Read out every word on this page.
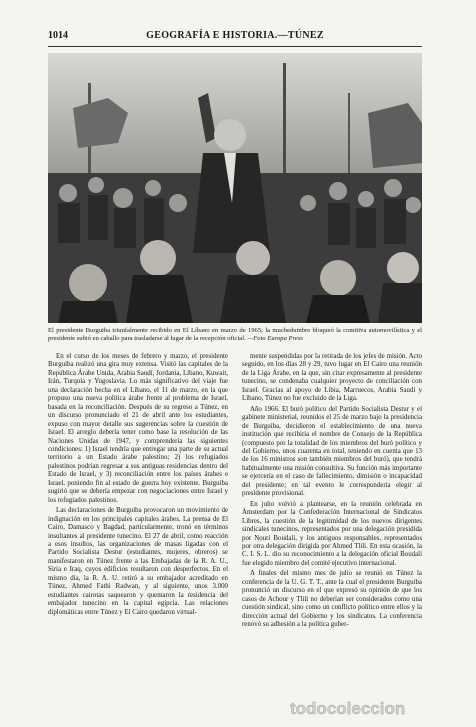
1014	GEOGRAFÍA E HISTORIA.—TÚNEZ
El presidente Burguiba triunfalmente recibido en El Líbano en marzo de 1965; la muchedumbre bloqueó la comitiva automovilística y el presidente subió en caballo para trasladarse al lugar de la recepción oficial. —Foto Europa Press

En el curso de los meses de febrero y marzo, el presidente Burguiba realizó una gira muy extensa. Visitó las capitales de la República Árabe Unida, Arabia Saudí, Jordania, Líbano, Kuwait, Irán, Turquía y Yugoslavia. Lo más significativo del viaje fue una declaración hecha en el Líbano, el 11 de marzo, en la que propuso una nueva política árabe frente al problema de Israel, basada en la reconciliación. Después de su regreso a Túnez, en un discurso pronunciado el 21 de abril ante los estudiantes, expuso con mayor detalle sus sugerencias sobre la cuestión de Israel. El arreglo debería tener como base la resolución de las Naciones Unidas de 1947, y comprendería las siguientes condiciones: 1) Israel tendría que entregar una parte de su actual territorio a un Estado árabe palestino; 2) los refugiados palestinos podrían regresar a sus antiguas residencias dentro del Estado de Israel, y 3) reconciliación entre los países árabes e Israel, poniendo fin al estado de guerra hoy existente. Burguiba sugirió que se debería empezar con negociaciones entre Israel y los refugiados palestinos.

Las declaraciones de Burguiba provocaron un movimiento de indignación en los principales capitales árabes. La prensa de El Cairo, Damasco y Bagdad, particularmente, tronó en términos insultantes al presidente tunecino. El 27 de abril, como reacción a esos insultos, las organizaciones de masas ligadas con el Partido Socialista Destur (estudiantes, mujeres, obreros) se manifestaron en Túnez frente a las Embajadas de la R. A. U., Siria e Iraq, cuyos edificios resultaron con desperfectos. En el mismo día, la R. A. U. retiró a su embajador acreditado en Túnez, Ahmed Fathi Radwan, y al siguiente, unos 3.000 estudiantes cairotas saquearon y quemaron la residencia del embajador tunecino en la capital egipcia. Las relaciones diplomáticas entre Túnez y El Cairo quedaron virtual-

mente suspendidas por la retirada de los jefes de misión. Acto seguido, en los días 28 y 29, tuvo lugar en El Cairo una reunión de la Liga Árabe, en la que, sin citar expresamente al presidente tunecino, se condenaba cualquier proyecto de conciliación con Israel. Gracias al apoyo de Libia, Marruecos, Arabia Saudí y Líbano, Túnez no fue excluido de la Liga.

Año 1966. El buró político del Partido Socialista Destur y el gabinete ministerial, reunidos el 25 de marzo bajo la presidencia de Burguiba, decidieron el establecimiento de una nueva institución que recibiría el nombre de Consejo de la República (compuesto por la totalidad de los miembros del buró político y del Gobierno, unos cuarenta en total, teniendo en cuenta que 13 de los 16 ministros son también miembros del buró), que tendrá habitualmente una misión consultiva. Su función más importante se ejercería en el caso de fallecimiento, dimisión o incapacidad del presidente; en tal evento le correspondería elegir al presidente provisional.

En julio volvió a plantearse, en la reunión celebrada en Ámsterdam por la Confederación Internacional de Sindicatos Libres, la cuestión de la legitimidad de los nuevos dirigentes sindicales tunecinos, representados por una delegación presidida por Nouri Boudali, y los antiguos responsables, representados por otra delegación dirigida por Ahmed Tlili. En esta ocasión, la C. I. S. L. dio su reconocimiento a la delegación oficial Boudali fue elegido miembro del comité ejecutivo internacional.

A finales del mismo mes de julio se reunió en Túnez la conferencia de la U. G. T. T., ante la cual el presidente Burguiba pronunció un discurso en el que expresó su opinión de que los casos de Achour y Tlili no deberían ser considerados como una cuestión sindical, sino como un conflicto político entre ellos y la dirección actual del Gobierno y los sindicatos. La conferencia renovó su adhesión a la política guber-

todocoleccion
